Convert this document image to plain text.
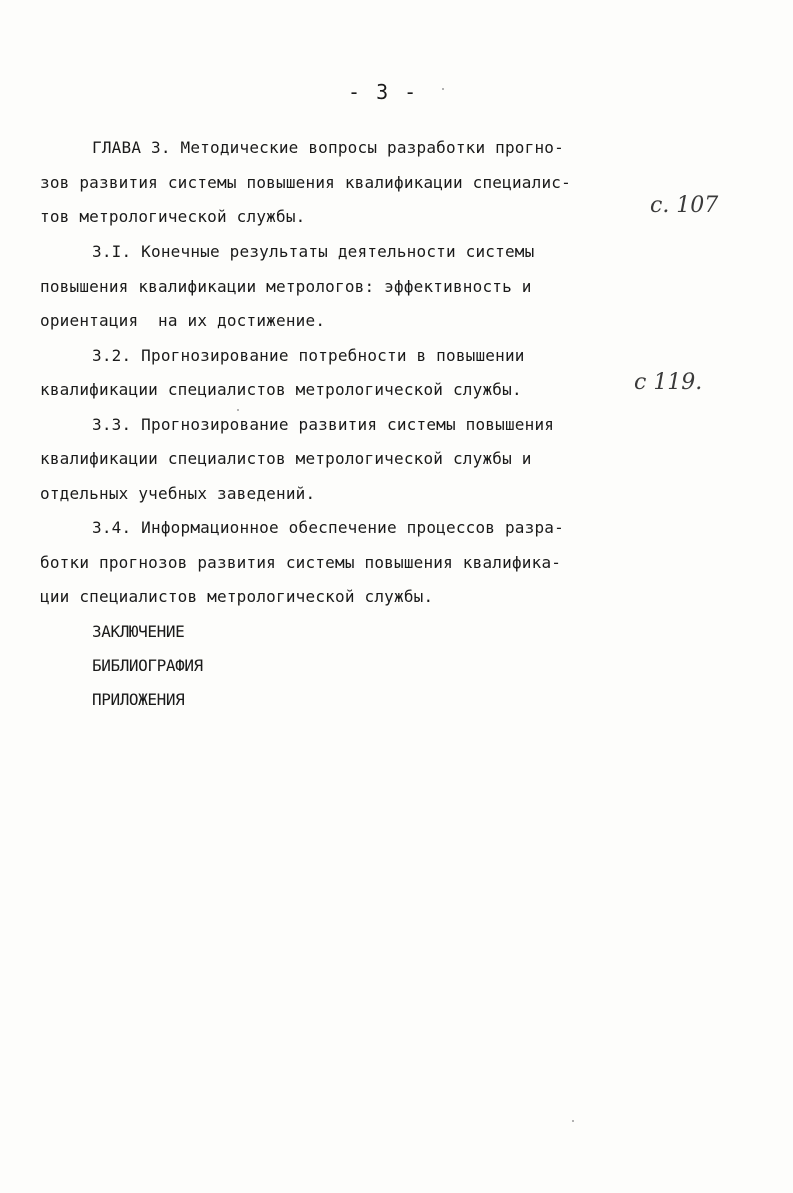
- 3 -
ГЛАВА 3. Методические вопросы разработки прогно-
зов развития системы повышения квалификации специалис-
тов метрологической службы.	с. 107
3.I. Конечные результаты деятельности системы
повышения квалификации метрологов: эффективность и
ориентация  на их достижение.
3.2. Прогнозирование потребности в повышении
квалификации специалистов метрологической службы.	с 119.
3.3. Прогнозирование развития системы повышения
квалификации специалистов метрологической службы и
отдельных учебных заведений.
3.4. Информационное обеспечение процессов разра-
ботки прогнозов развития системы повышения квалифика-
ции специалистов метрологической службы.
ЗАКЛЮЧЕНИЕ
БИБЛИОГРАФИЯ
ПРИЛОЖЕНИЯ
